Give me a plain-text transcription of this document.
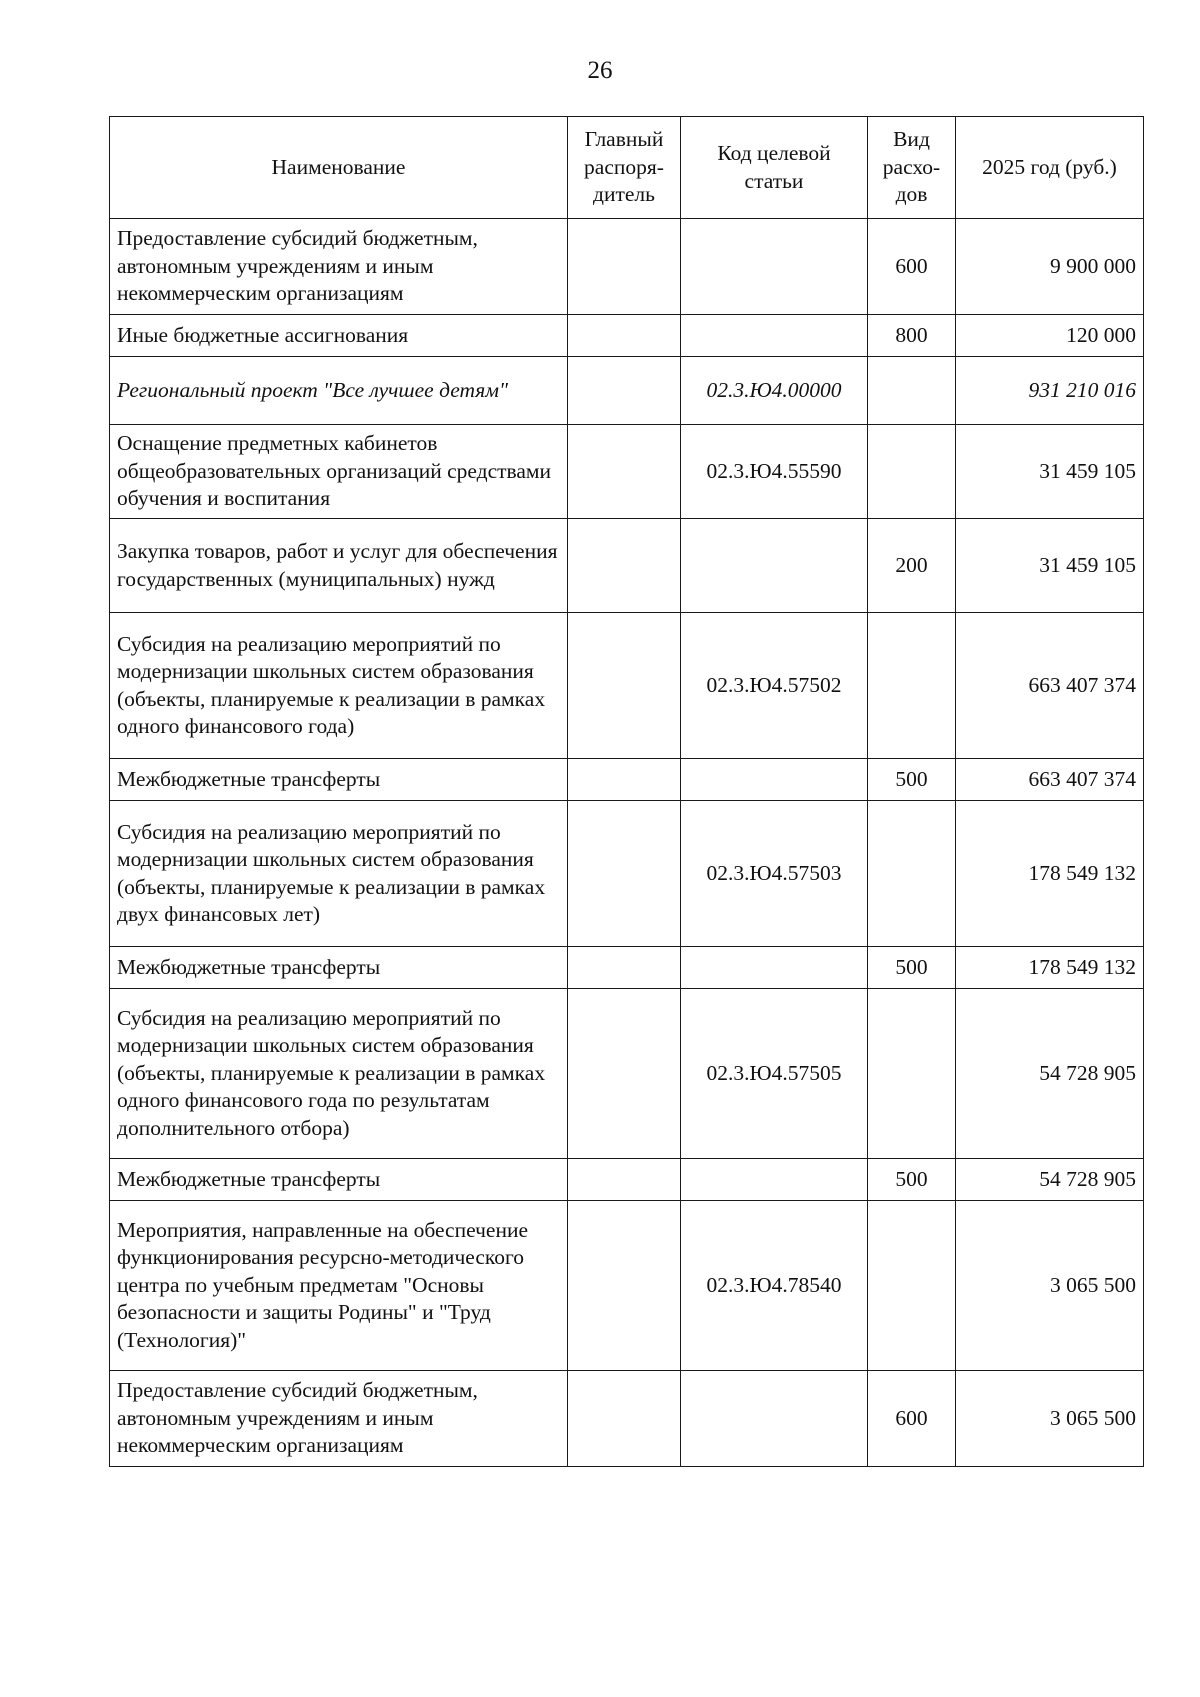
26
Наименование	Главный распоря-дитель	Код целевой статьи	Вид расхо-дов	2025 год (руб.)
Предоставление субсидий бюджетным, автономным учреждениям и иным некоммерческим организациям			600	9 900 000
Иные бюджетные ассигнования			800	120 000
Региональный проект "Все лучшее детям"		02.3.Ю4.00000		931 210 016
Оснащение предметных кабинетов общеобразовательных организаций средствами обучения и воспитания		02.3.Ю4.55590		31 459 105
Закупка товаров, работ и услуг для обеспечения государственных (муниципальных) нужд			200	31 459 105
Субсидия на реализацию мероприятий по модернизации школьных систем образования (объекты, планируемые к реализации в рамках одного финансового года)		02.3.Ю4.57502		663 407 374
Межбюджетные трансферты			500	663 407 374
Субсидия на реализацию мероприятий по модернизации школьных систем образования (объекты, планируемые к реализации в рамках двух финансовых лет)		02.3.Ю4.57503		178 549 132
Межбюджетные трансферты			500	178 549 132
Субсидия на реализацию мероприятий по модернизации школьных систем образования (объекты, планируемые к реализации в рамках одного финансового года по результатам дополнительного отбора)		02.3.Ю4.57505		54 728 905
Межбюджетные трансферты			500	54 728 905
Мероприятия, направленные на обеспечение функционирования ресурсно-методического центра по учебным предметам "Основы безопасности и защиты Родины" и "Труд (Технология)"		02.3.Ю4.78540		3 065 500
Предоставление субсидий бюджетным, автономным учреждениям и иным некоммерческим организациям			600	3 065 500
